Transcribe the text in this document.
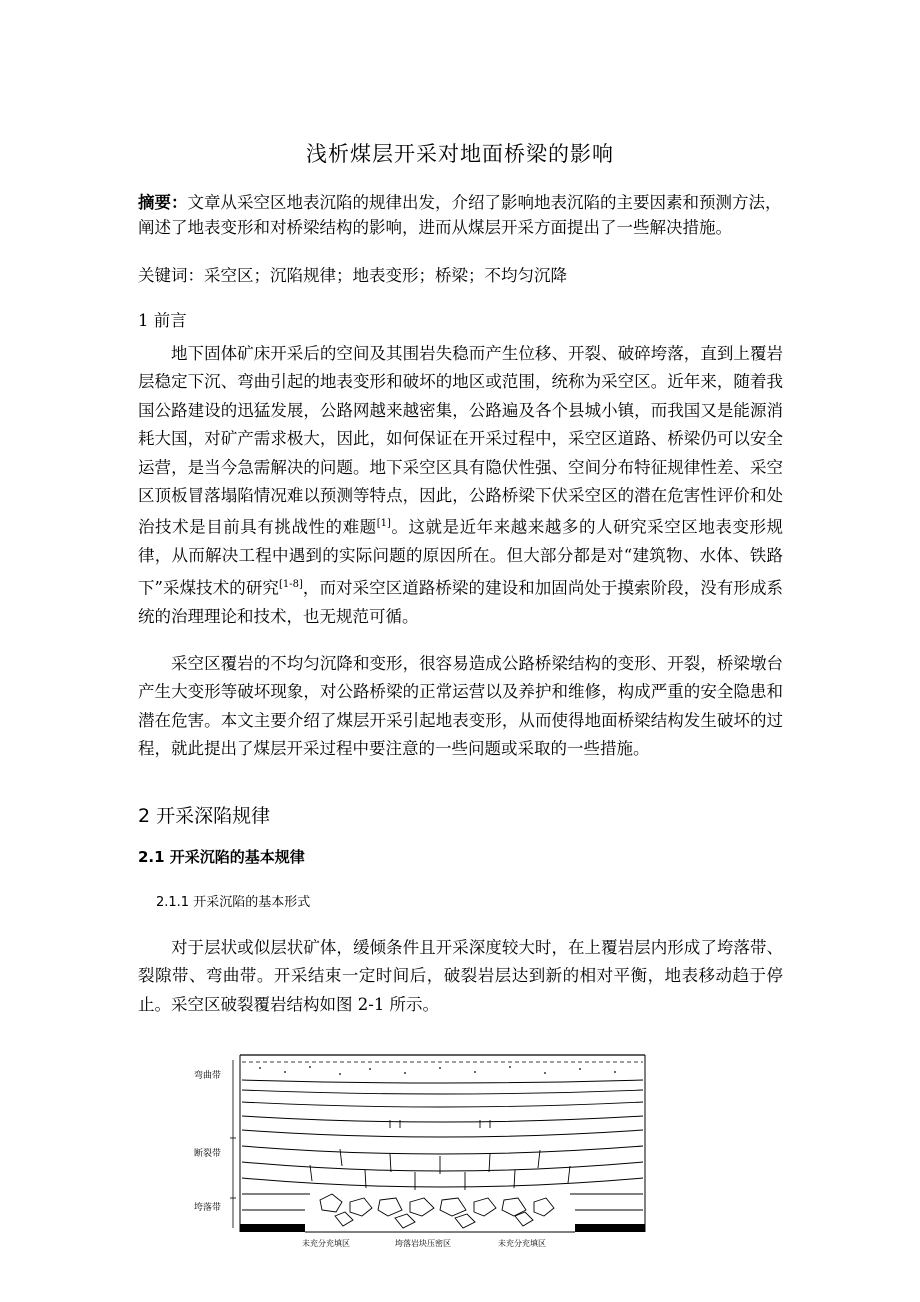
浅析煤层开采对地面桥梁的影响
摘要：文章从采空区地表沉陷的规律出发，介绍了影响地表沉陷的主要因素和预测方法，阐述了地表变形和对桥梁结构的影响，进而从煤层开采方面提出了一些解决措施。
关键词：采空区；沉陷规律；地表变形；桥梁；不均匀沉降
1 前言

地下固体矿床开采后的空间及其围岩失稳而产生位移、开裂、破碎垮落，直到上覆岩层稳定下沉、弯曲引起的地表变形和破坏的地区或范围，统称为采空区。近年来，随着我国公路建设的迅猛发展，公路网越来越密集，公路遍及各个县城小镇，而我国又是能源消耗大国，对矿产需求极大，因此，如何保证在开采过程中，采空区道路、桥梁仍可以安全运营，是当今急需解决的问题。地下采空区具有隐伏性强、空间分布特征规律性差、采空区顶板冒落塌陷情况难以预测等特点，因此，公路桥梁下伏采空区的潜在危害性评价和处治技术是目前具有挑战性的难题[1]。这就是近年来越来越多的人研究采空区地表变形规律，从而解决工程中遇到的实际问题的原因所在。但大部分都是对“建筑物、水体、铁路下”采煤技术的研究[1-8]，而对采空区道路桥梁的建设和加固尚处于摸索阶段，没有形成系统的治理理论和技术，也无规范可循。

采空区覆岩的不均匀沉降和变形，很容易造成公路桥梁结构的变形、开裂，桥梁墩台产生大变形等破坏现象，对公路桥梁的正常运营以及养护和维修，构成严重的安全隐患和潜在危害。本文主要介绍了煤层开采引起地表变形，从而使得地面桥梁结构发生破坏的过程，就此提出了煤层开采过程中要注意的一些问题或采取的一些措施。

2 开采深陷规律
2.1 开采沉陷的基本规律
2.1.1 开采沉陷的基本形式

对于层状或似层状矿体，缓倾条件且开采深度较大时，在上覆岩层内形成了垮落带、裂隙带、弯曲带。开采结束一定时间后，破裂岩层达到新的相对平衡，地表移动趋于停止。采空区破裂覆岩结构如图 2-1 所示。

弯曲带
断裂带
垮落带
未充分充填区	垮落岩块压密区	未充分充填区
